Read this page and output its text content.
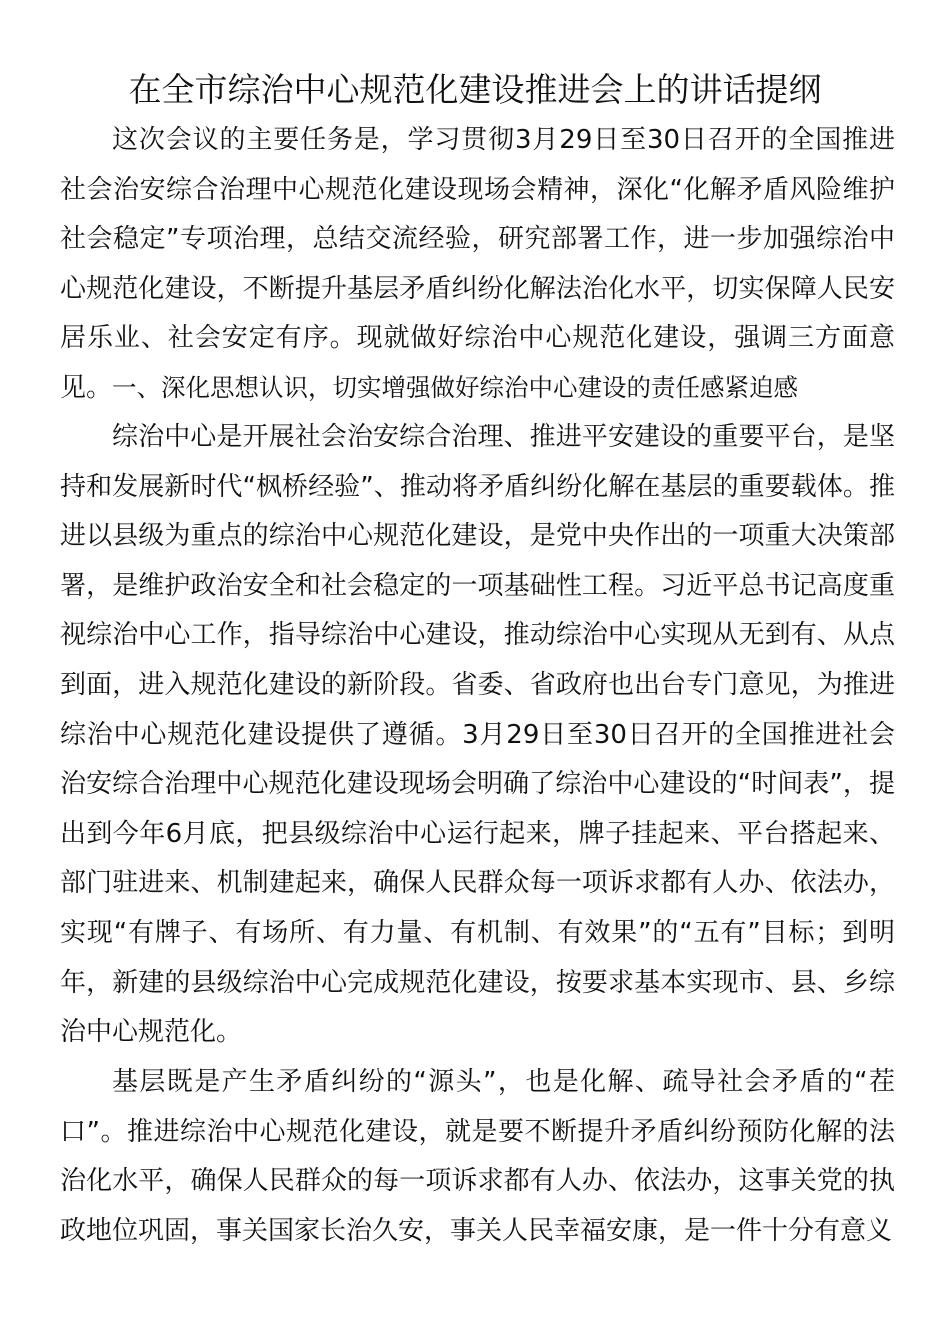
在全市综治中心规范化建设推进会上的讲话提纲

这次会议的主要任务是，学习贯彻3月29日至30日召开的全国推进社会治安综合治理中心规范化建设现场会精神，深化“化解矛盾风险维护社会稳定”专项治理，总结交流经验，研究部署工作，进一步加强综治中心规范化建设，不断提升基层矛盾纠纷化解法治化水平，切实保障人民安居乐业、社会安定有序。现就做好综治中心规范化建设，强调三方面意见。 一、深化思想认识，切实增强做好综治中心建设的责任感紧迫感

综治中心是开展社会治安综合治理、推进平安建设的重要平台，是坚持和发展新时代“枫桥经验”、推动将矛盾纠纷化解在基层的重要载体。推进以县级为重点的综治中心规范化建设，是党中央作出的一项重大决策部署，是维护政治安全和社会稳定的一项基础性工程。习近平总书记高度重视综治中心工作，指导综治中心建设，推动综治中心实现从无到有、从点到面，进入规范化建设的新阶段。省委、省政府也出台专门意见，为推进综治中心规范化建设提供了遵循。3月29日至30日召开的全国推进社会治安综合治理中心规范化建设现场会明确了综治中心建设的“时间表”，提出到今年6月底，把县级综治中心运行起来，牌子挂起来、平台搭起来、部门驻进来、机制建起来，确保人民群众每一项诉求都有人办、依法办，实现“有牌子、有场所、有力量、有机制、有效果”的“五有”目标；到明年，新建的县级综治中心完成规范化建设，按要求基本实现市、县、乡综治中心规范化。

基层既是产生矛盾纠纷的“源头”，也是化解、疏导社会矛盾的“茬口”。推进综治中心规范化建设，就是要不断提升矛盾纠纷预防化解的法治化水平，确保人民群众的每一项诉求都有人办、依法办，这事关党的执政地位巩固，事关国家长治久安，事关人民幸福安康，是一件十分有意义
